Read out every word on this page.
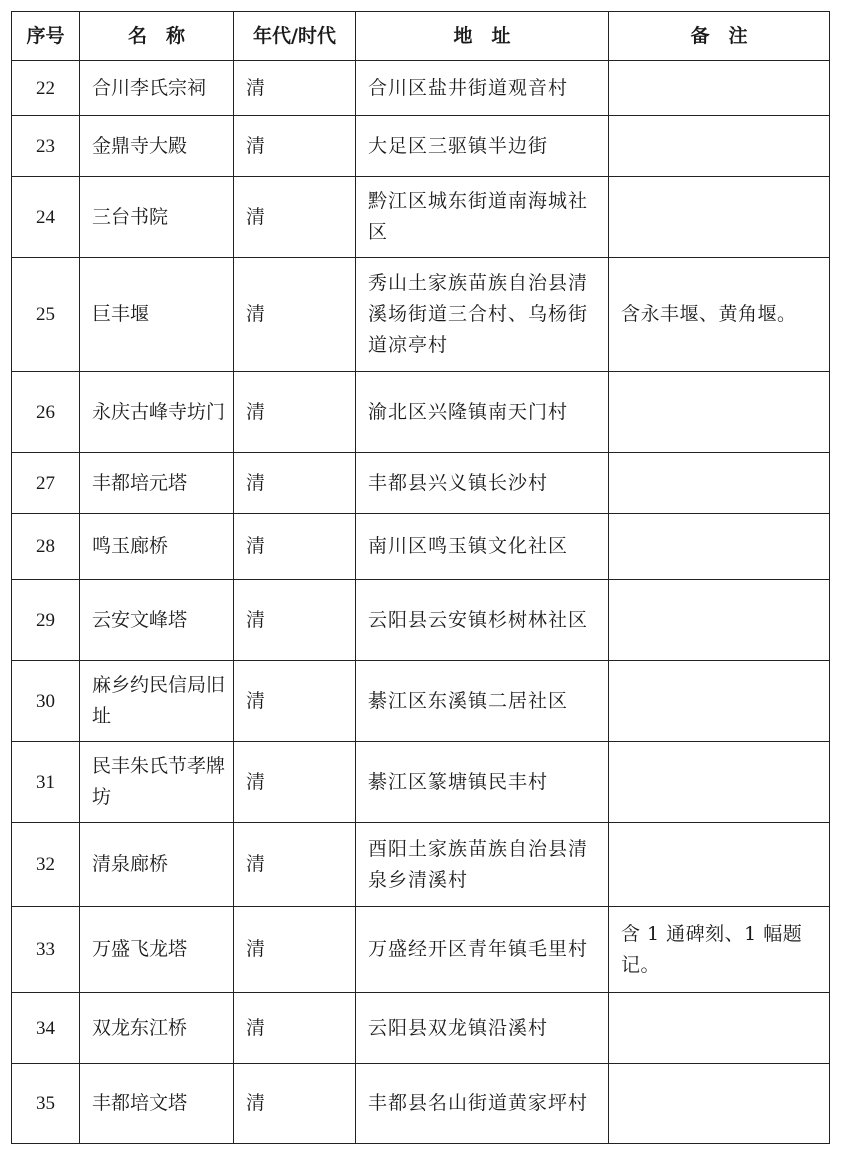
序号	名　称	年代/时代	地　址	备　注
22	合川李氏宗祠	清	合川区盐井街道观音村	
23	金鼎寺大殿	清	大足区三驱镇半边街	
24	三台书院	清	黔江区城东街道南海城社区	
25	巨丰堰	清	秀山土家族苗族自治县清溪场街道三合村、乌杨街道凉亭村	含永丰堰、黄角堰。
26	永庆古峰寺坊门	清	渝北区兴隆镇南天门村	
27	丰都培元塔	清	丰都县兴义镇长沙村	
28	鸣玉廊桥	清	南川区鸣玉镇文化社区	
29	云安文峰塔	清	云阳县云安镇杉树林社区	
30	麻乡约民信局旧址	清	綦江区东溪镇二居社区	
31	民丰朱氏节孝牌坊	清	綦江区篆塘镇民丰村	
32	清泉廊桥	清	酉阳土家族苗族自治县清泉乡清溪村	
33	万盛飞龙塔	清	万盛经开区青年镇毛里村	含 1 通碑刻、1 幅题记。
34	双龙东江桥	清	云阳县双龙镇沿溪村	
35	丰都培文塔	清	丰都县名山街道黄家坪村	
